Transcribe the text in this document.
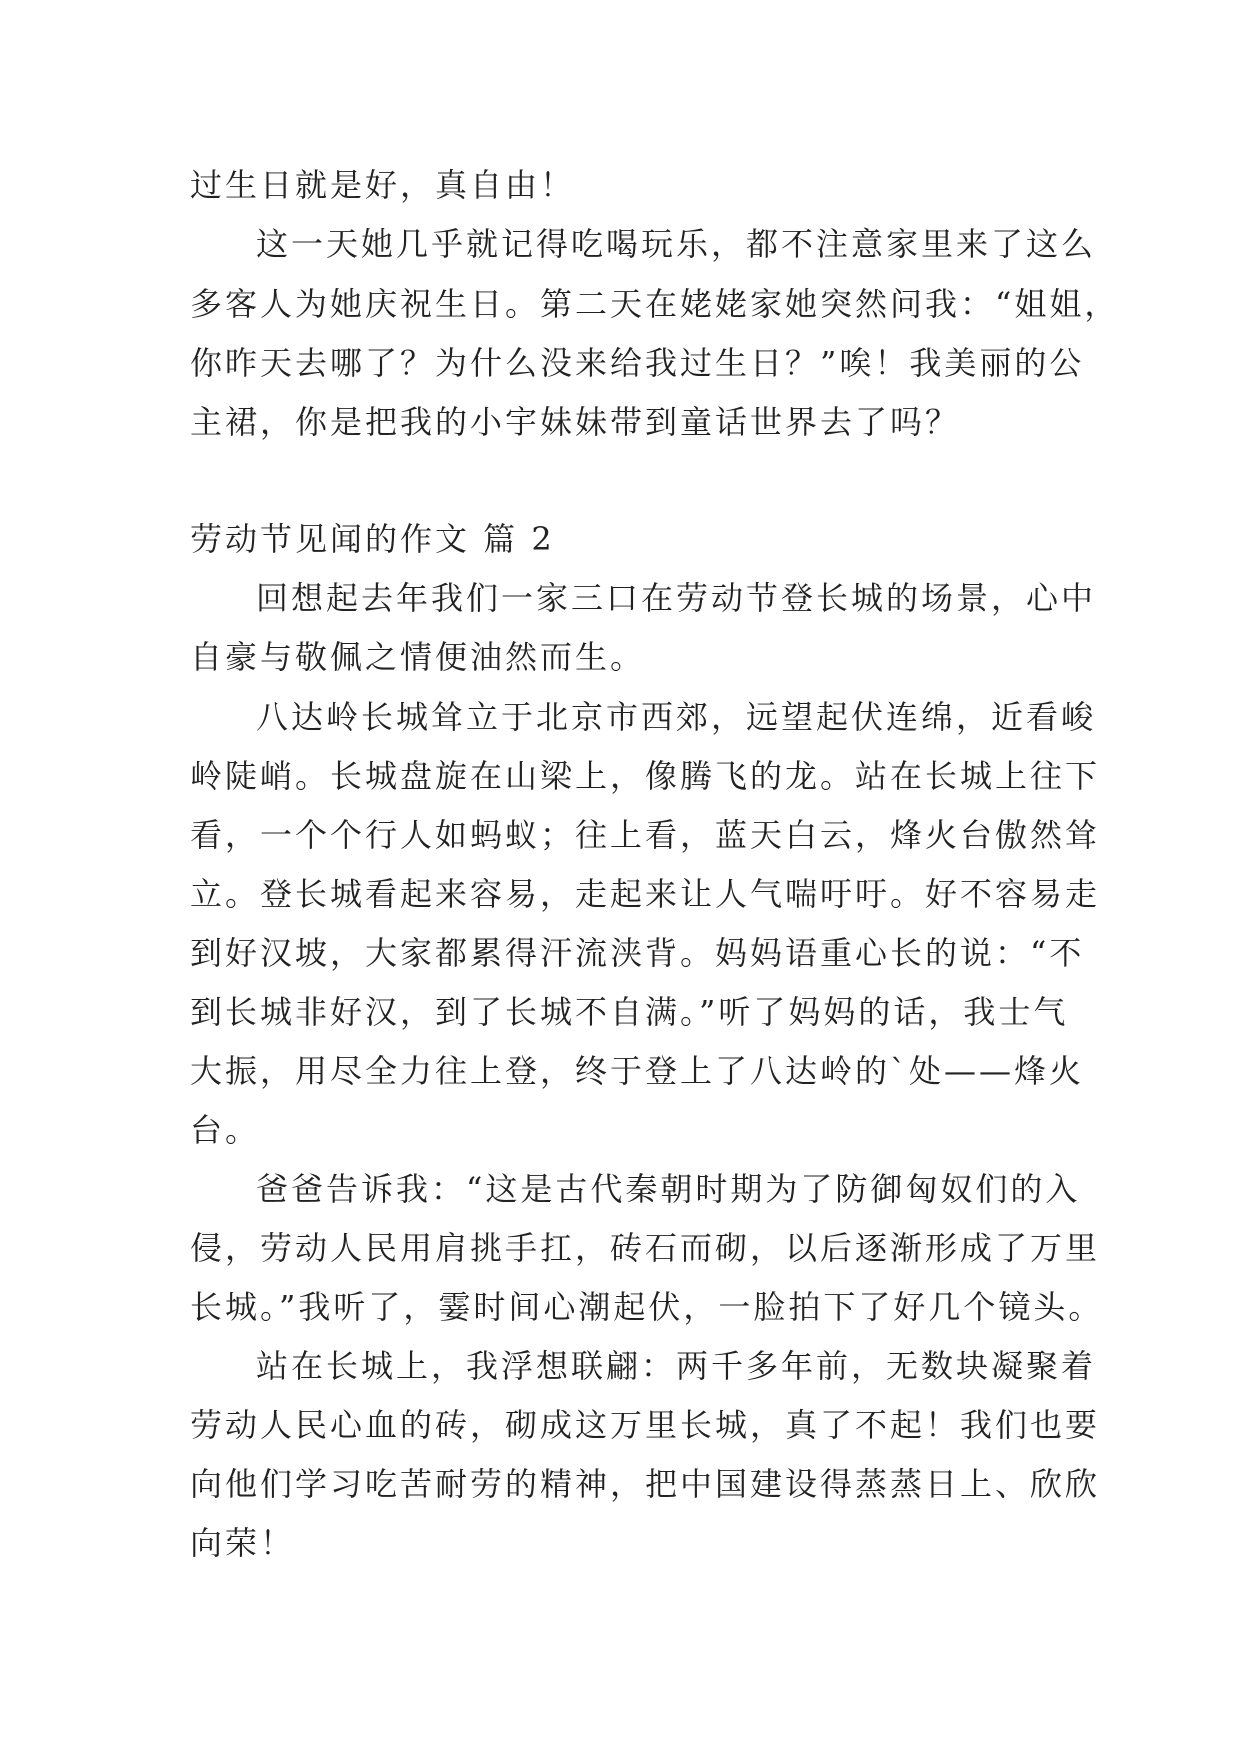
过生日就是好，真自由！
这一天她几乎就记得吃喝玩乐，都不注意家里来了这么
多客人为她庆祝生日。第二天在姥姥家她突然问我：“姐姐，
你昨天去哪了？为什么没来给我过生日？”唉！我美丽的公
主裙，你是把我的小宇妹妹带到童话世界去了吗？
劳动节见闻的作文 篇 2
回想起去年我们一家三口在劳动节登长城的场景，心中
自豪与敬佩之情便油然而生。
八达岭长城耸立于北京市西郊，远望起伏连绵，近看峻
岭陡峭。长城盘旋在山梁上，像腾飞的龙。站在长城上往下
看，一个个行人如蚂蚁；往上看，蓝天白云，烽火台傲然耸
立。登长城看起来容易，走起来让人气喘吁吁。好不容易走
到好汉坡，大家都累得汗流浃背。妈妈语重心长的说：“不
到长城非好汉，到了长城不自满。”听了妈妈的话，我士气
大振，用尽全力往上登，终于登上了八达岭的`处——烽火
台。
爸爸告诉我：“这是古代秦朝时期为了防御匈奴们的入
侵，劳动人民用肩挑手扛，砖石而砌，以后逐渐形成了万里
长城。”我听了，霎时间心潮起伏，一脸拍下了好几个镜头。
站在长城上，我浮想联翩：两千多年前，无数块凝聚着
劳动人民心血的砖，砌成这万里长城，真了不起！我们也要
向他们学习吃苦耐劳的精神，把中国建设得蒸蒸日上、欣欣
向荣！
